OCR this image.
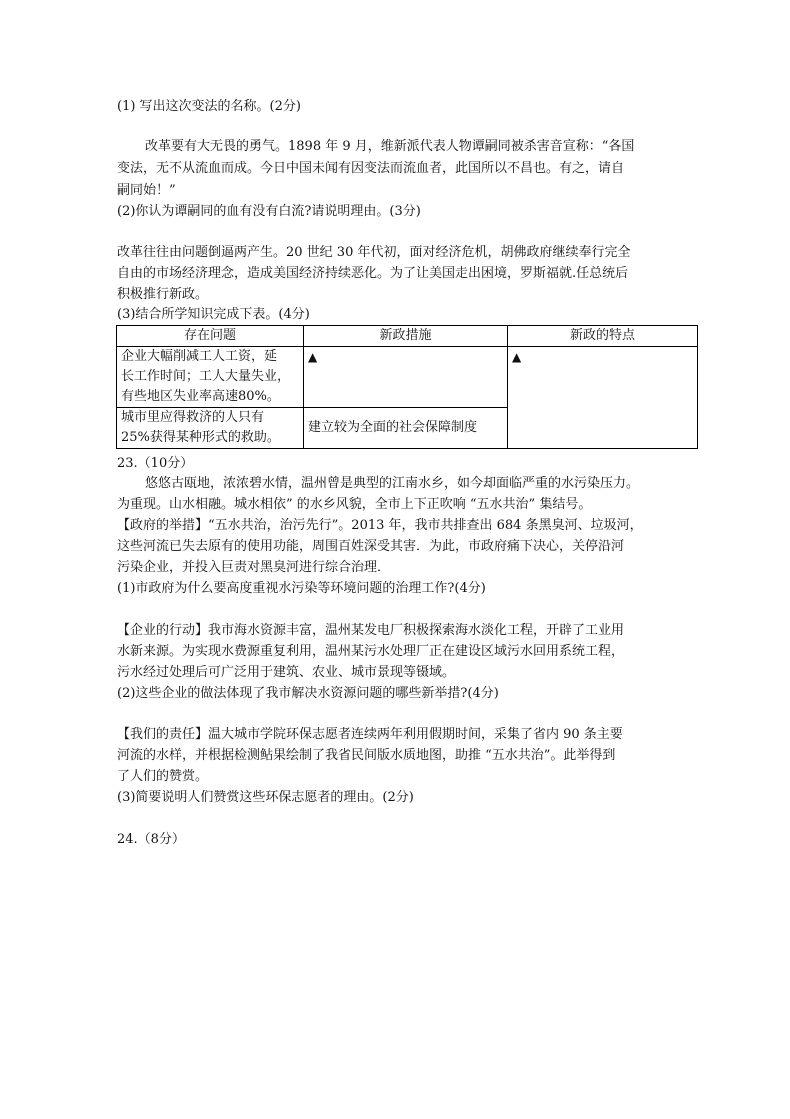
(1) 写出这次变法的名称。(2分)
改革要有大无畏的勇气。1898 年 9 月，维新派代表人物谭嗣同被杀害音宣称：“各国
变法，无不从流血而成。今日中国未闻有因变法而流血者，此国所以不昌也。有之，请自
嗣同始！”
(2)你认为谭嗣同的血有没有白流?请说明理由。(3分)
改革往往由问题倒逼两产生。20 世纪 30 年代初，面对经济危机，胡佛政府继续奉行完全
自由的市场经济理念，造成美国经济持续恶化。为了让美国走出困境，罗斯福就.任总统后
积极推行新政。
(3)结合所学知识完成下表。(4分)
存在问题	新政措施	新政的特点

企业大幅削减工人工资，延
长工作时间；工人大量失业，
有些地区失业率高速80%。	▲	▲

城市里应得救济的人只有
25%获得某种形式的救助。	建立较为全面的社会保障制度	
23.（10分）
悠悠古瓯地，浓浓碧水情，温州曾是典型的江南水乡，如今却面临严重的水污染压力。
为重现。山水相融。城水相依” 的水乡风貌，全市上下正吹响 “五水共治” 集结号。
【政府的举措】“五水共治，治污先行”。2013 年，我市共排查出 684 条黑臭河、垃圾河，
这些河流已失去原有的使用功能，周围百姓深受其害．为此，市政府痛下决心，关停沿河
污染企业，并投入巨责对黑臭河进行综合治理．
(1)市政府为什么要高度重视水污染等环境问题的治理工作?(4分)
【企业的行动】我市海水资源丰富，温州某发电厂积极探索海水淡化工程，开辟了工业用
水新来源。为实现水费源重复利用，温州某污水处理厂正在建设区域污水回用系统工程，
污水经过处理后可广泛用于建筑、农业、城市景现等镊域。
(2)这些企业的做法体现了我市解决水资源问题的哪些新举措?(4分)
【我们的责任】温大城市学院环保志愿者连续两年利用假期时间，采集了省内 90 条主要
河流的水样，并根据检测鲇果绘制了我省民间版水质地图，助推 “五水共治”。此举得到
了人们的赞赏。
(3)简要说明人们赞赏这些环保志愿者的理由。(2分)
24.（8分）
